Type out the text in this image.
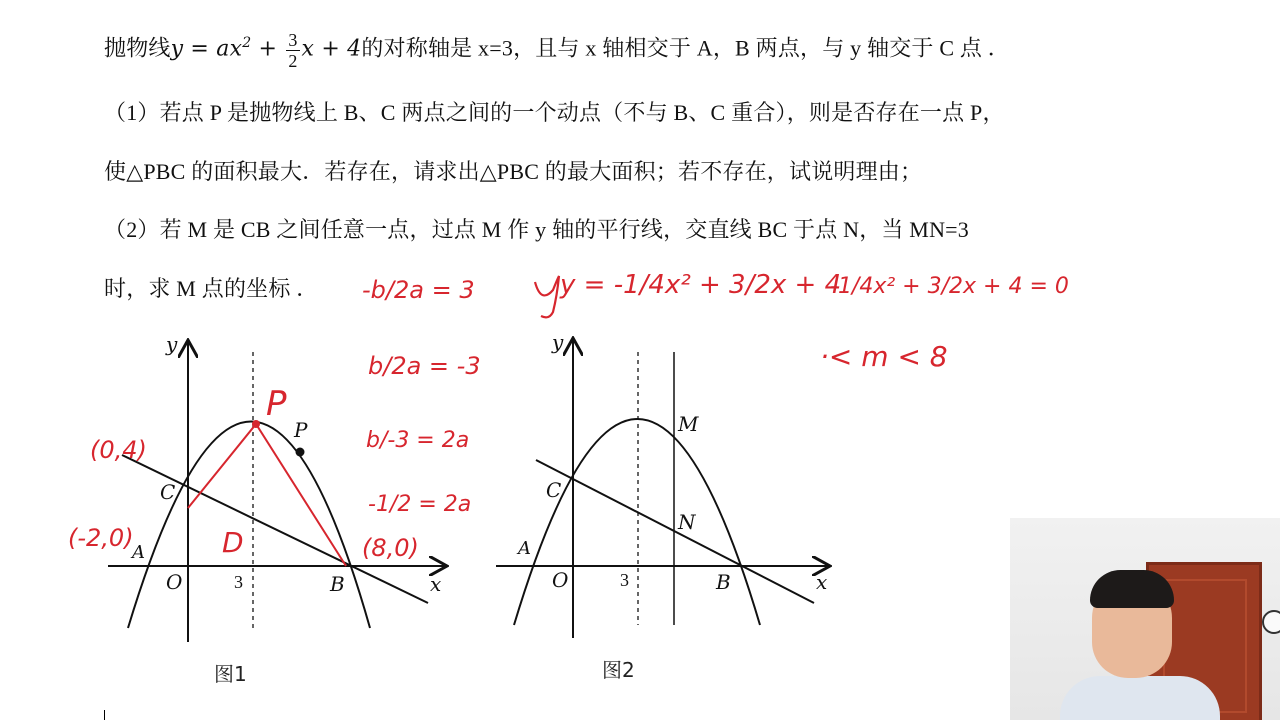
抛物线$y = ax^2 + \frac{3}{2}$ x + 4的对称轴是 x=3，且与 x 轴相交于 A，B 两点，与 y 轴交于 C 点 ．
（1）若点 P 是抛物线上 B、C 两点之间的一个动点（不与 B、C 重合），则是否存在一点 P，
使△PBC 的面积最大．若存在，请求出△PBC 的最大面积；若不存在，试说明理由；
（2）若 M 是 CB 之间任意一点，过点 M 作 y 轴的平行线，交直线 BC 于点 N，当 MN=3
时，求 M 点的坐标 ．
图1
y
x
O
A
B
C
P
3
图2
y
x
O
A
B
C
M
N
3
-b/2a = 3	y = -1/4x² + 3/2x + 4
-1/4x² + 3/2x + 4 = 0
b/2a = -3
b/-3 = 2a
-1/2 = 2a
·< m < 8
(0,4)
(-2,0)	(8,0)
P
D
